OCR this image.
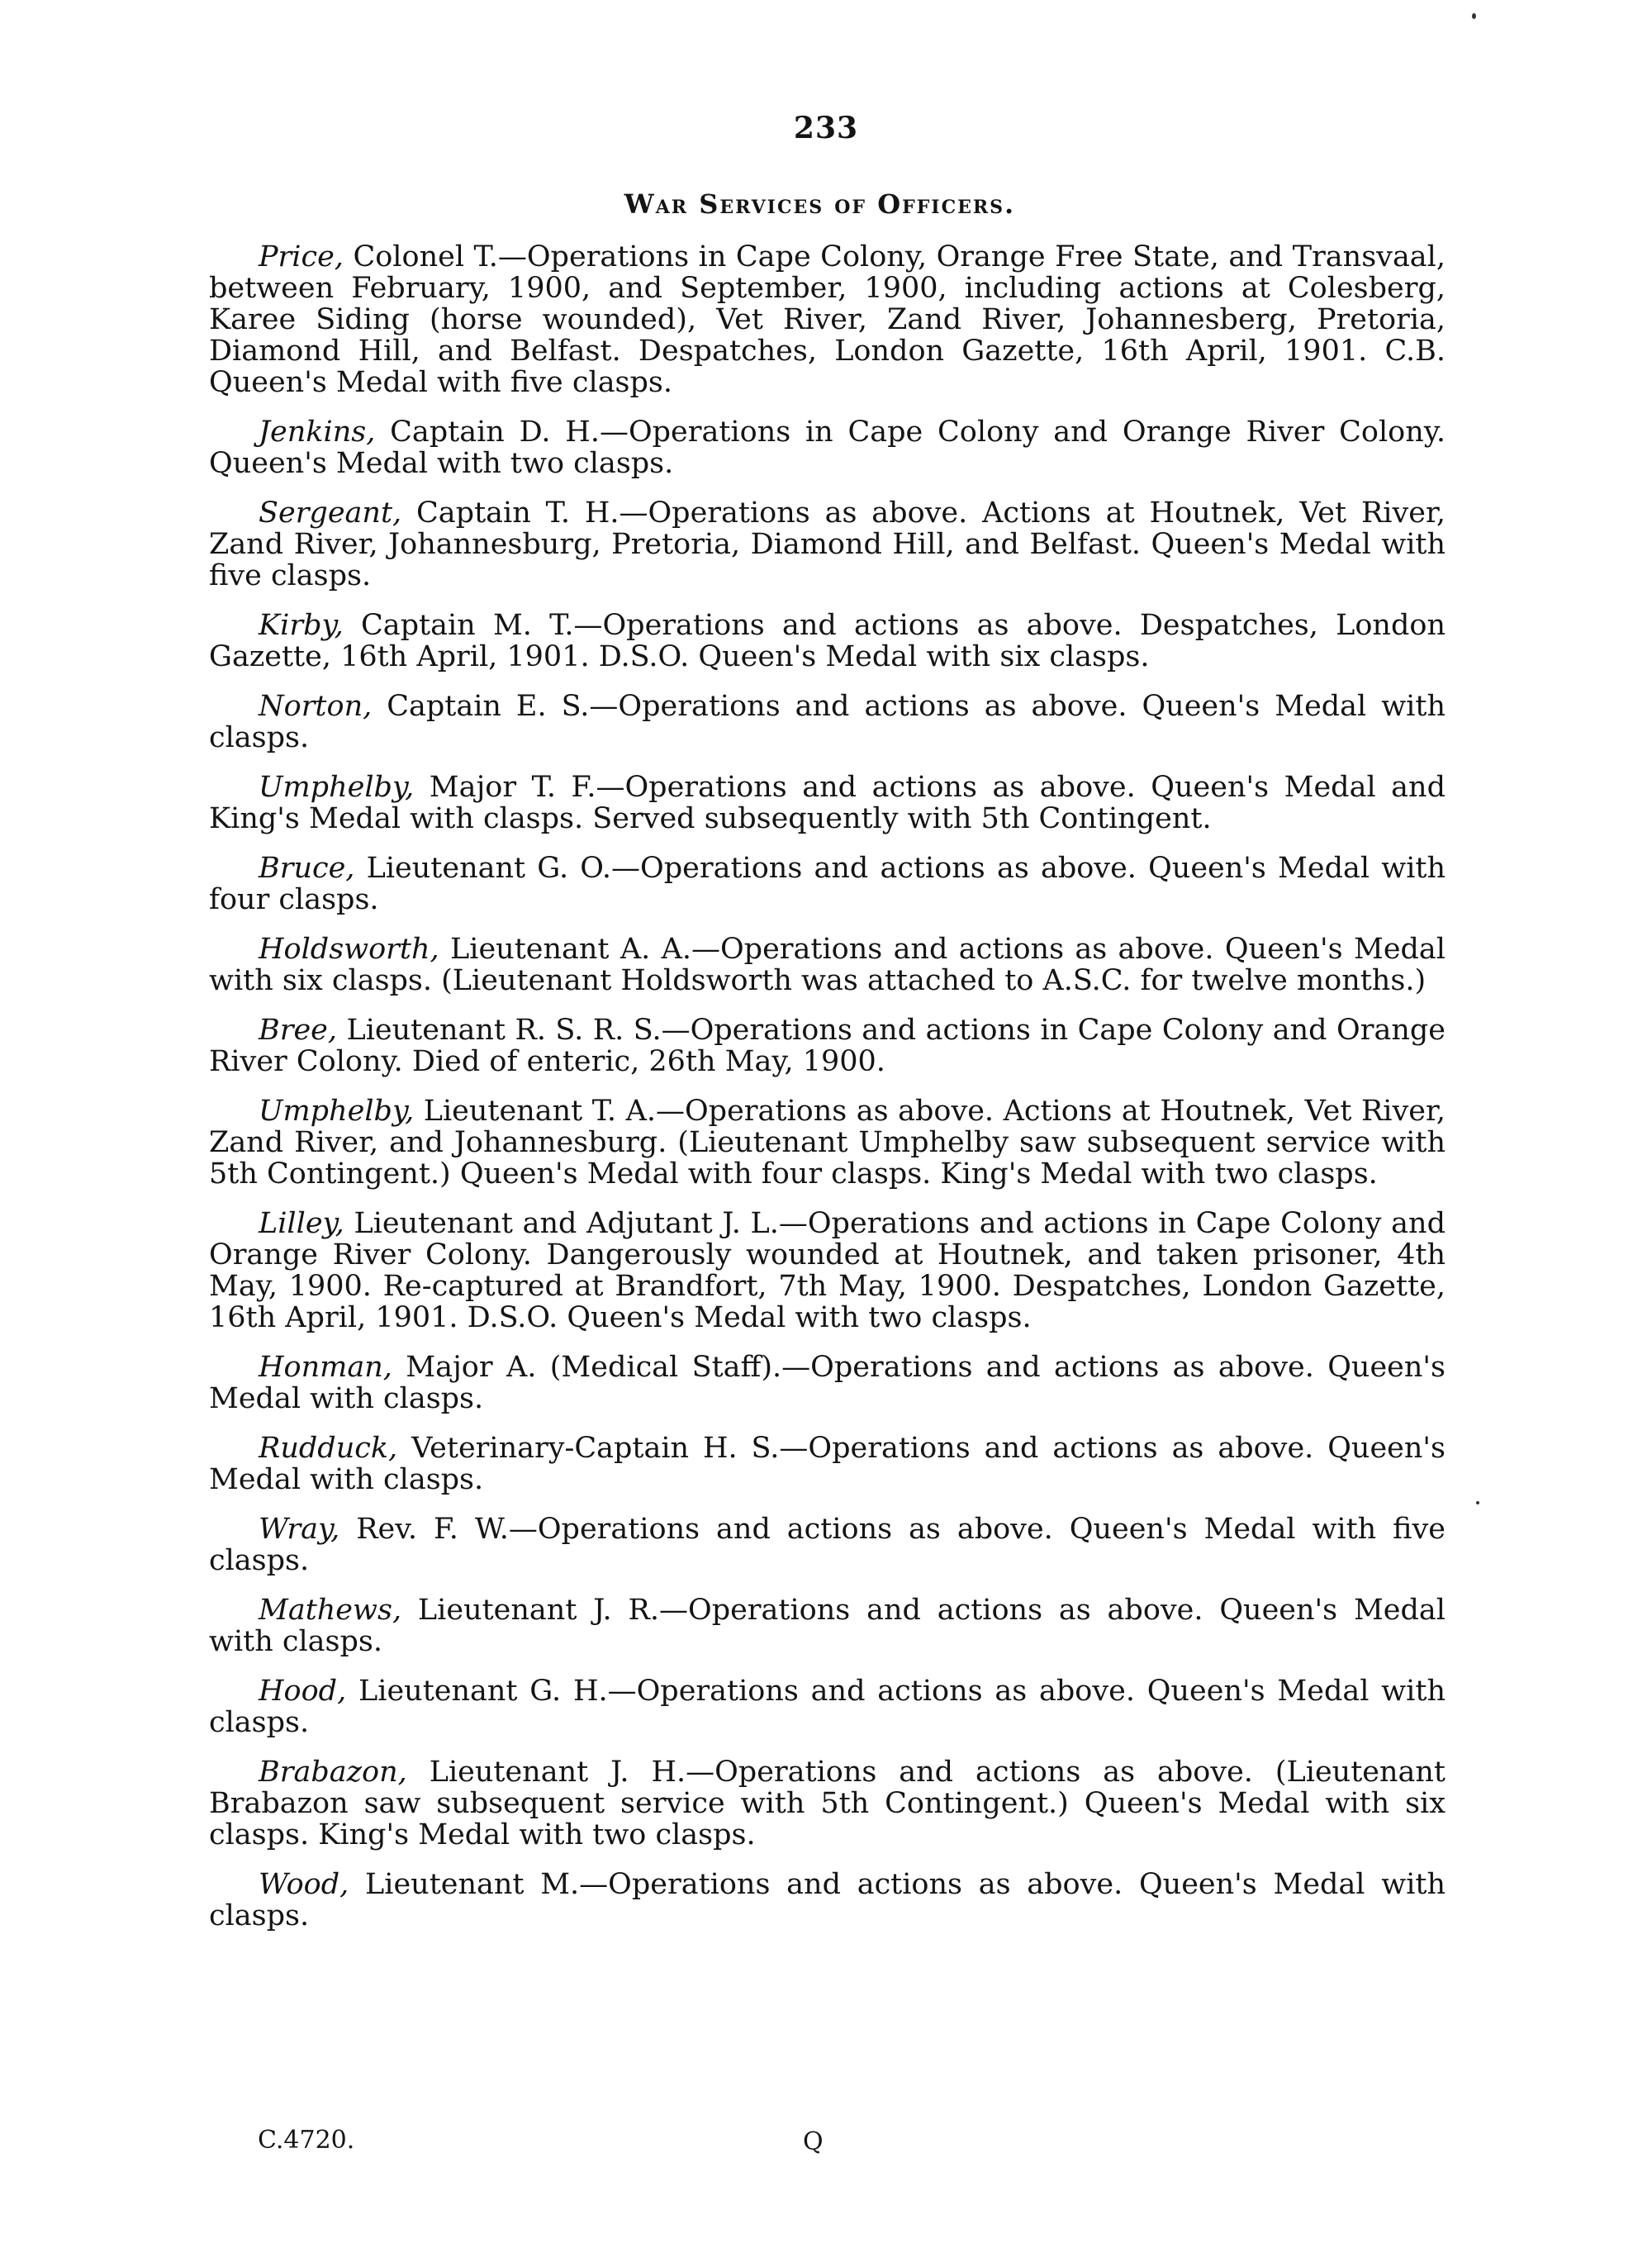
233
War Services of Officers.

Price, Colonel T.—Operations in Cape Colony, Orange Free State, and Transvaal, between February, 1900, and September, 1900, including actions at Colesberg, Karee Siding (horse wounded), Vet River, Zand River, Johannesberg, Pretoria, Diamond Hill, and Belfast. Despatches, London Gazette, 16th April, 1901. C.B. Queen's Medal with five clasps.

Jenkins, Captain D. H.—Operations in Cape Colony and Orange River Colony. Queen's Medal with two clasps.

Sergeant, Captain T. H.—Operations as above. Actions at Houtnek, Vet River, Zand River, Johannesburg, Pretoria, Diamond Hill, and Belfast. Queen's Medal with five clasps.

Kirby, Captain M. T.—Operations and actions as above. Despatches, London Gazette, 16th April, 1901. D.S.O. Queen's Medal with six clasps.

Norton, Captain E. S.—Operations and actions as above. Queen's Medal with clasps.

Umphelby, Major T. F.—Operations and actions as above. Queen's Medal and King's Medal with clasps. Served subsequently with 5th Contingent.

Bruce, Lieutenant G. O.—Operations and actions as above. Queen's Medal with four clasps.

Holdsworth, Lieutenant A. A.—Operations and actions as above. Queen's Medal with six clasps. (Lieutenant Holdsworth was attached to A.S.C. for twelve months.)

Bree, Lieutenant R. S. R. S.—Operations and actions in Cape Colony and Orange River Colony. Died of enteric, 26th May, 1900.

Umphelby, Lieutenant T. A.—Operations as above. Actions at Houtnek, Vet River, Zand River, and Johannesburg. (Lieutenant Umphelby saw subsequent service with 5th Contingent.) Queen's Medal with four clasps. King's Medal with two clasps.

Lilley, Lieutenant and Adjutant J. L.—Operations and actions in Cape Colony and Orange River Colony. Dangerously wounded at Houtnek, and taken prisoner, 4th May, 1900. Re-captured at Brandfort, 7th May, 1900. Despatches, London Gazette, 16th April, 1901. D.S.O. Queen's Medal with two clasps.

Honman, Major A. (Medical Staff).—Operations and actions as above. Queen's Medal with clasps.

Rudduck, Veterinary-Captain H. S.—Operations and actions as above. Queen's Medal with clasps.

Wray, Rev. F. W.—Operations and actions as above. Queen's Medal with five clasps.

Mathews, Lieutenant J. R.—Operations and actions as above. Queen's Medal with clasps.

Hood, Lieutenant G. H.—Operations and actions as above. Queen's Medal with clasps.

Brabazon, Lieutenant J. H.—Operations and actions as above. (Lieutenant Brabazon saw subsequent service with 5th Contingent.) Queen's Medal with six clasps. King's Medal with two clasps.

Wood, Lieutenant M.—Operations and actions as above. Queen's Medal with clasps.

C.4720.	Q
